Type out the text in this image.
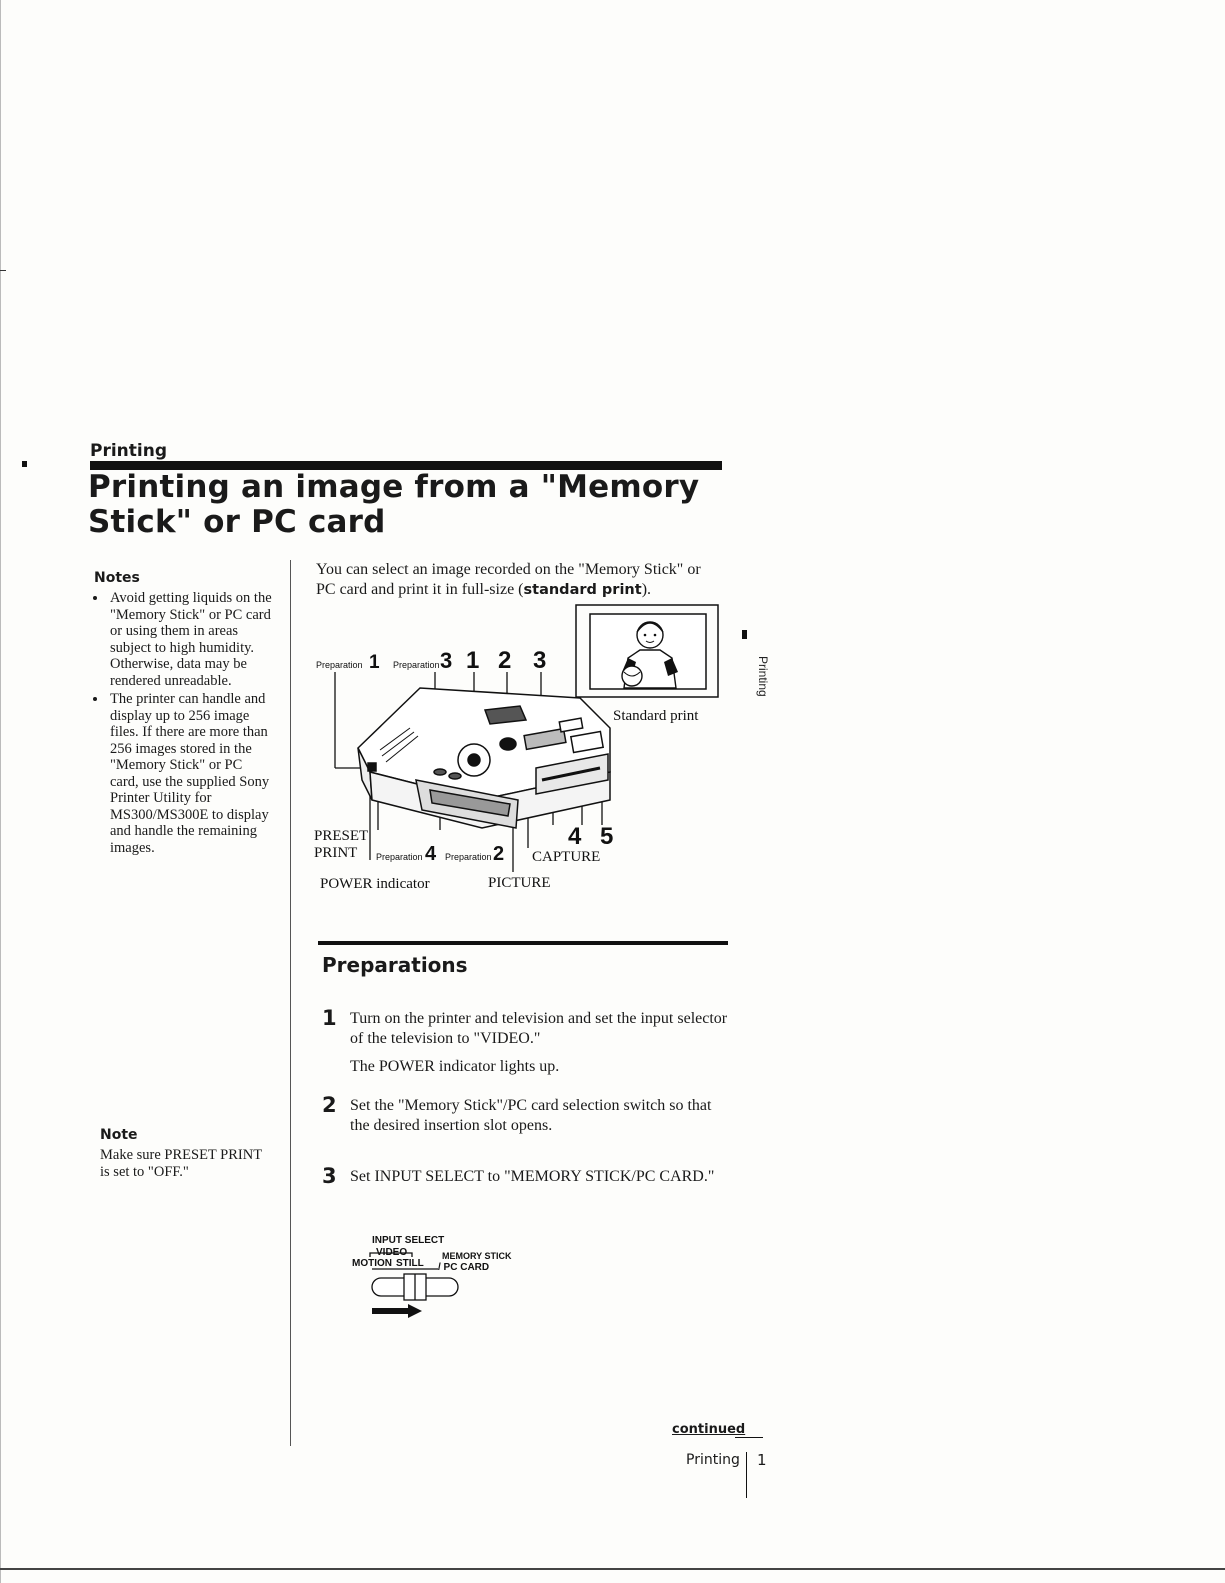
Printing
Printing an image from a "Memory
Stick" or PC card
Notes
• Avoid getting liquids on the "Memory Stick" or PC card or using them in areas subject to high humidity. Otherwise, data may be rendered unreadable.
• The printer can handle and display up to 256 image files. If there are more than 256 images stored in the "Memory Stick" or PC card, use the supplied Sony Printer Utility for MS300/MS300E to display and handle the remaining images.
Note
Make sure PRESET PRINT is set to "OFF."
You can select an image recorded on the "Memory Stick" or PC card and print it in full-size (standard print).
Preparation 1 Preparation 3 1 2 3
4 5
Preparation 4 Preparation 2
PRESET
PRINT
POWER indicator	PICTURE
CAPTURE
Standard print
Printing
Preparations
1 Turn on the printer and television and set the input selector of the television to "VIDEO."
The POWER indicator lights up.
2 Set the "Memory Stick"/PC card selection switch so that the desired insertion slot opens.
3 Set INPUT SELECT to "MEMORY STICK/PC CARD."
INPUT SELECT
VIDEO
MOTION STILL
MEMORY STICK
/ PC CARD
continued
Printing 1
